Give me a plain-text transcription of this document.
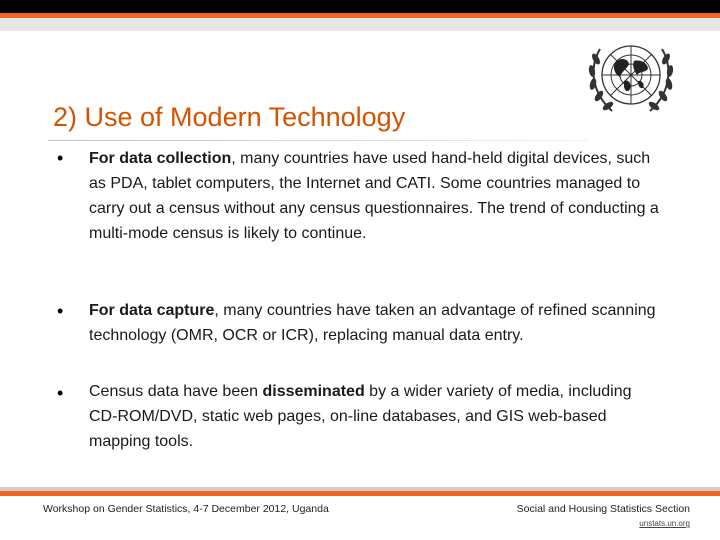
2) Use of Modern Technology
•	For data collection, many countries have used hand-held digital devices, such as PDA, tablet computers, the Internet and CATI. Some countries managed to carry out a census without any census questionnaires. The trend of conducting a multi-mode census is likely to continue.
•	For data capture, many countries have taken an advantage of refined scanning technology (OMR, OCR or ICR), replacing manual data entry.
•	Census data have been disseminated by a wider variety of media, including CD-ROM/DVD, static web pages, on-line databases, and GIS web-based mapping tools.
Workshop on Gender Statistics, 4-7 December 2012, Uganda	Social and Housing Statistics Section
unstats.un.org
